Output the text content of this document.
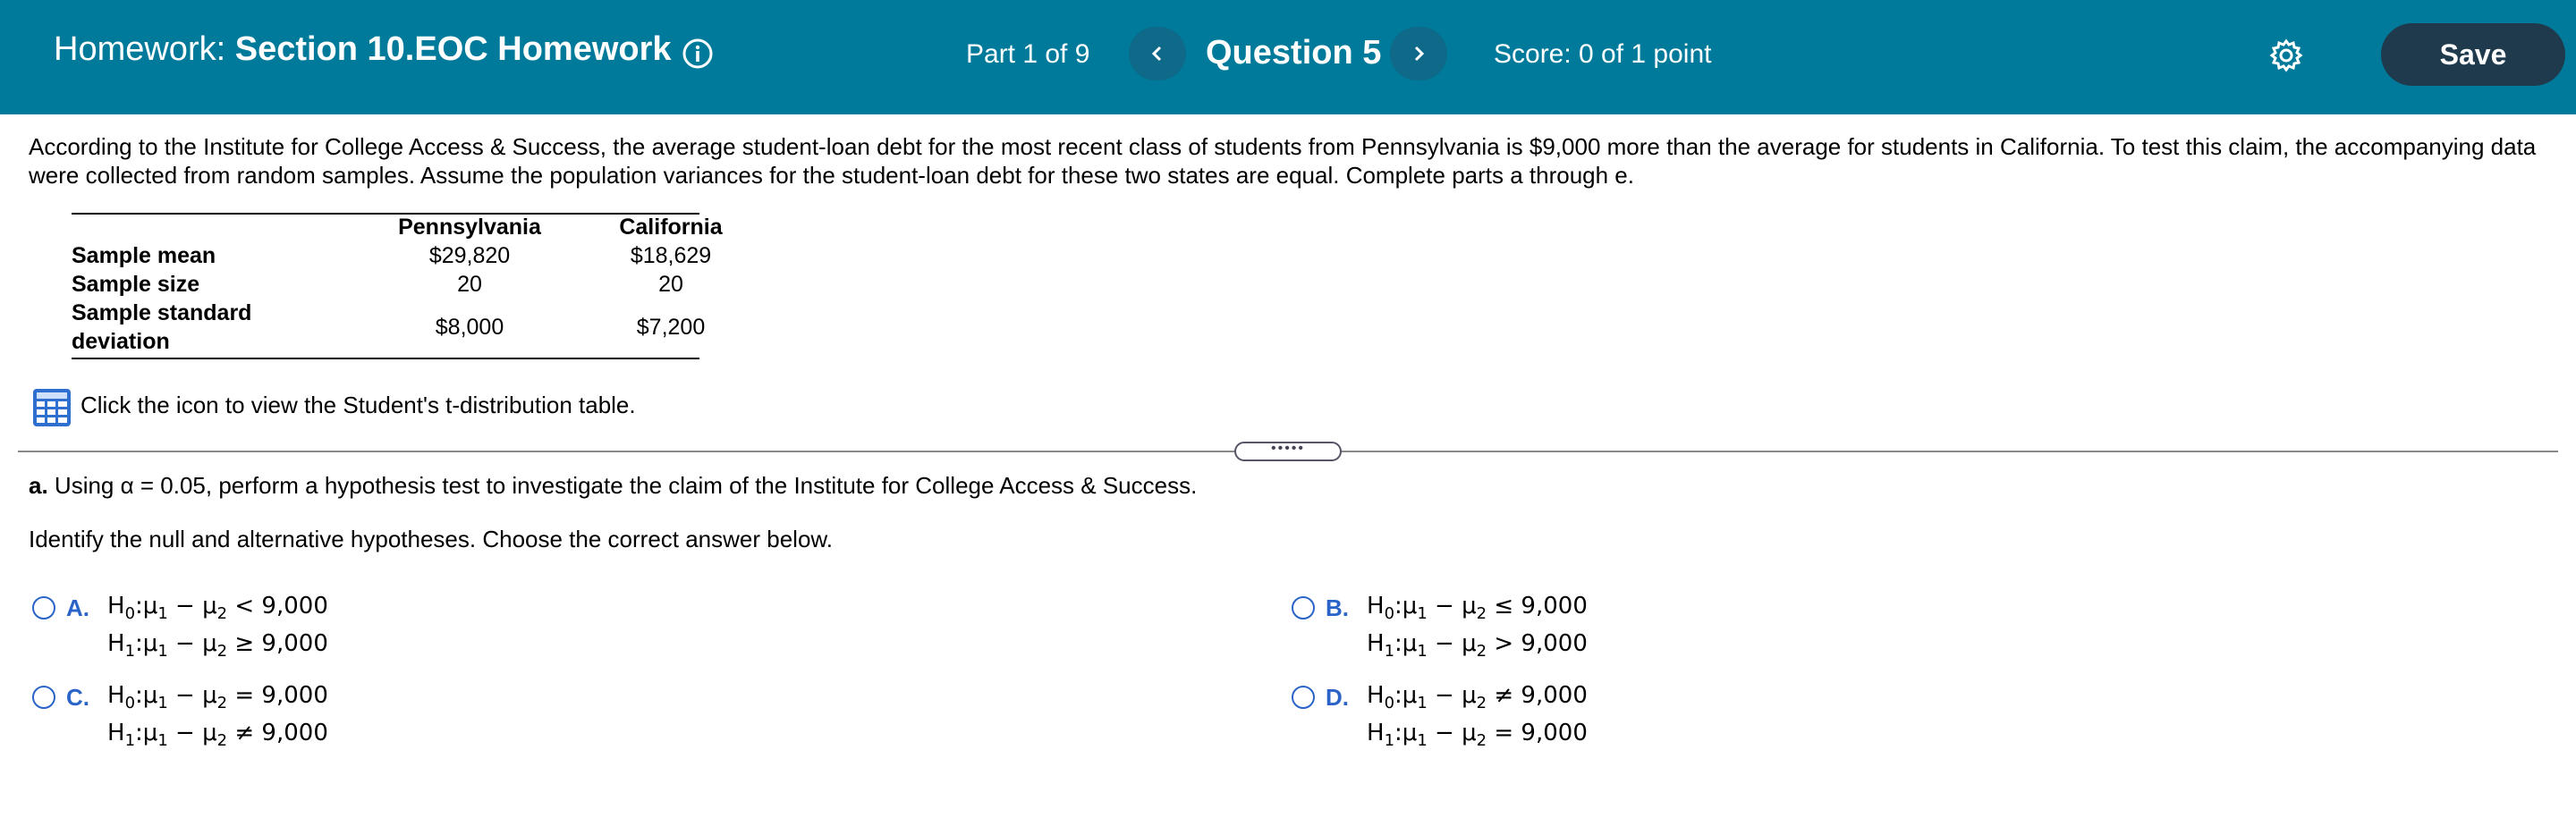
Homework: Section 10.EOC Homework	Part 1 of 9	Question 5	Score: 0 of 1 point	Save
According to the Institute for College Access & Success, the average student-loan debt for the most recent class of students from Pennsylvania is $9,000 more than the average for students in California. To test this claim, the accompanying data were collected from random samples. Assume the population variances for the student-loan debt for these two states are equal. Complete parts a through e.
Pennsylvania	California
Sample mean	$29,820	$18,629
Sample size	20	20
Sample standard
deviation
$8,000	$7,200
Click the icon to view the Student's t-distribution table.
•••••
a. Using α = 0.05, perform a hypothesis test to investigate the claim of the Institute for College Access & Success.
Identify the null and alternative hypotheses. Choose the correct answer below.
A. $H_0:\mu_1 - \mu_2 < 9,000$
$H_1:\mu_1 - \mu_2 \ge 9,000$
B. $H_0:\mu_1 - \mu_2 \le 9,000$
$H_1:\mu_1 - \mu_2 > 9,000$
C. $H_0:\mu_1 - \mu_2 = 9,000$
$H_1:\mu_1 - \mu_2 \ne 9,000$
D. $H_0:\mu_1 - \mu_2 \ne 9,000$
$H_1:\mu_1 - \mu_2 = 9,000$
